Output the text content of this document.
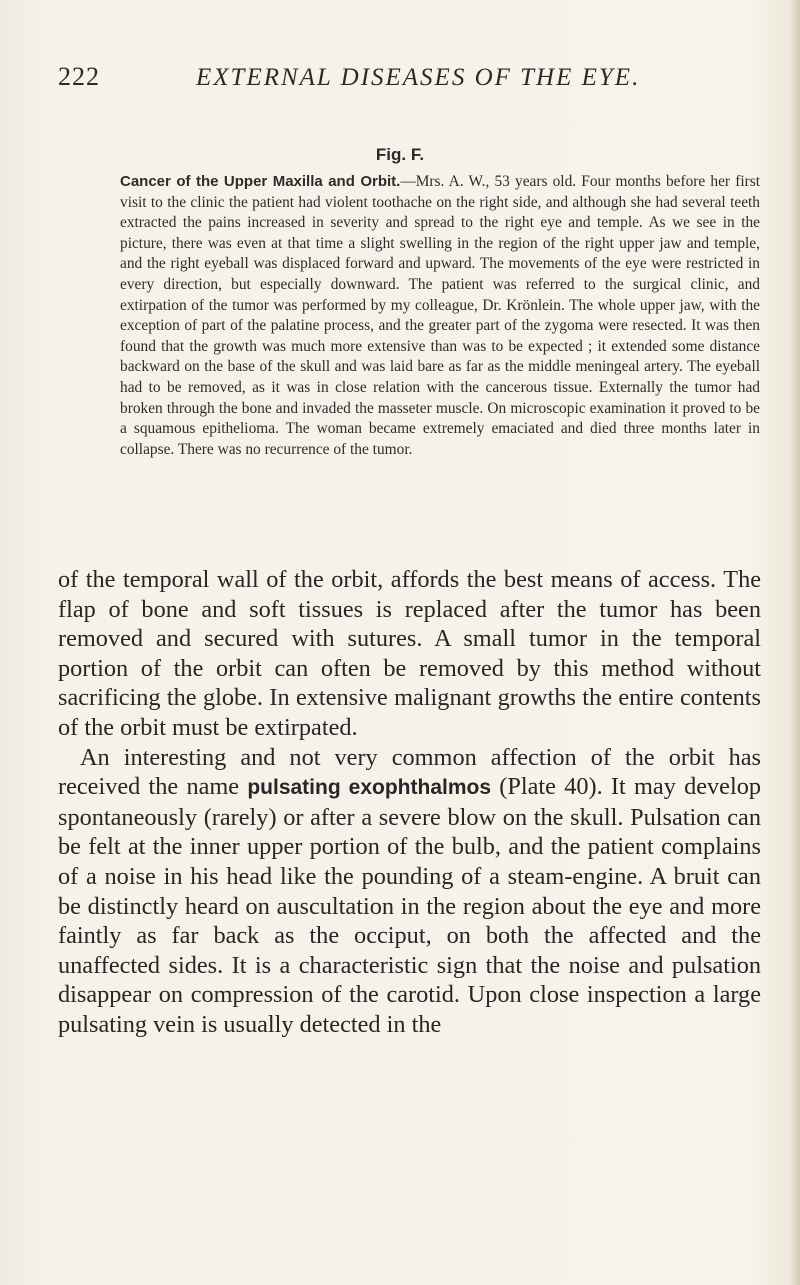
222	EXTERNAL DISEASES OF THE EYE.
Fig. F.
Cancer of the Upper Maxilla and Orbit.—Mrs. A. W., 53 years old. Four months before her first visit to the clinic the patient had violent toothache on the right side, and although she had several teeth extracted the pains increased in severity and spread to the right eye and temple. As we see in the picture, there was even at that time a slight swelling in the region of the right upper jaw and temple, and the right eyeball was displaced forward and upward. The movements of the eye were restricted in every direction, but especially downward. The patient was referred to the surgical clinic, and extirpation of the tumor was performed by my colleague, Dr. Krönlein. The whole upper jaw, with the exception of part of the palatine process, and the greater part of the zygoma were resected. It was then found that the growth was much more extensive than was to be expected ; it extended some distance backward on the base of the skull and was laid bare as far as the middle meningeal artery. The eyeball had to be removed, as it was in close relation with the cancerous tissue. Externally the tumor had broken through the bone and invaded the masseter muscle. On microscopic examination it proved to be a squamous epithelioma. The woman became extremely emaciated and died three months later in collapse. There was no recurrence of the tumor.

of the temporal wall of the orbit, affords the best means of access. The flap of bone and soft tissues is replaced after the tumor has been removed and secured with sutures. A small tumor in the temporal portion of the orbit can often be removed by this method without sacrificing the globe. In extensive malignant growths the entire contents of the orbit must be extirpated.

An interesting and not very common affection of the orbit has received the name pulsating exophthalmos (Plate 40). It may develop spontaneously (rarely) or after a severe blow on the skull. Pulsation can be felt at the inner upper portion of the bulb, and the patient complains of a noise in his head like the pounding of a steam-engine. A bruit can be distinctly heard on auscultation in the region about the eye and more faintly as far back as the occiput, on both the affected and the unaffected sides. It is a characteristic sign that the noise and pulsation disappear on compression of the carotid. Upon close inspection a large pulsating vein is usually detected in the
